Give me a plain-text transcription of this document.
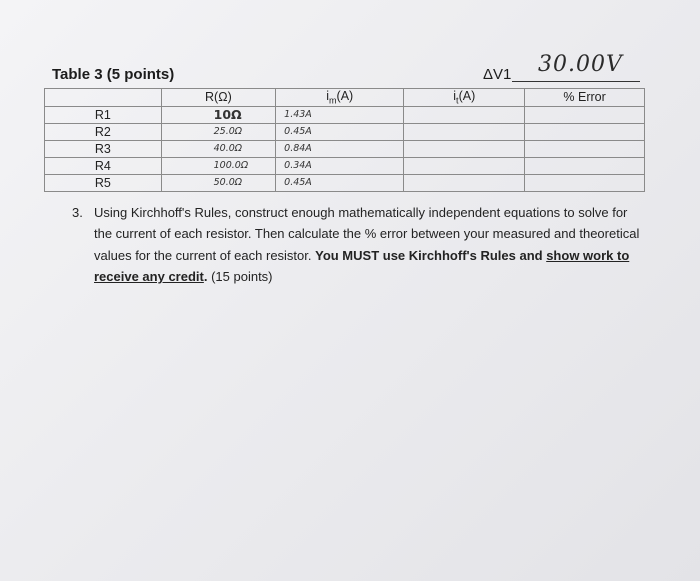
Table 3 (5 points)	ΔV1 30.00V
	R(Ω)	$i_m(A)$	$i_t(A)$	% Error
R1	10Ω	1.43A		
R2	25.0Ω	0.45A		
R3	40.0Ω	0.84A		
R4	100.0Ω	0.34A		
R5	50.0Ω	0.45A		
3. Using Kirchhoff's Rules, construct enough mathematically independent equations to solve for the current of each resistor. Then calculate the % error between your measured and theoretical values for the current of each resistor. You MUST use Kirchhoff's Rules and show work to receive any credit. (15 points)
